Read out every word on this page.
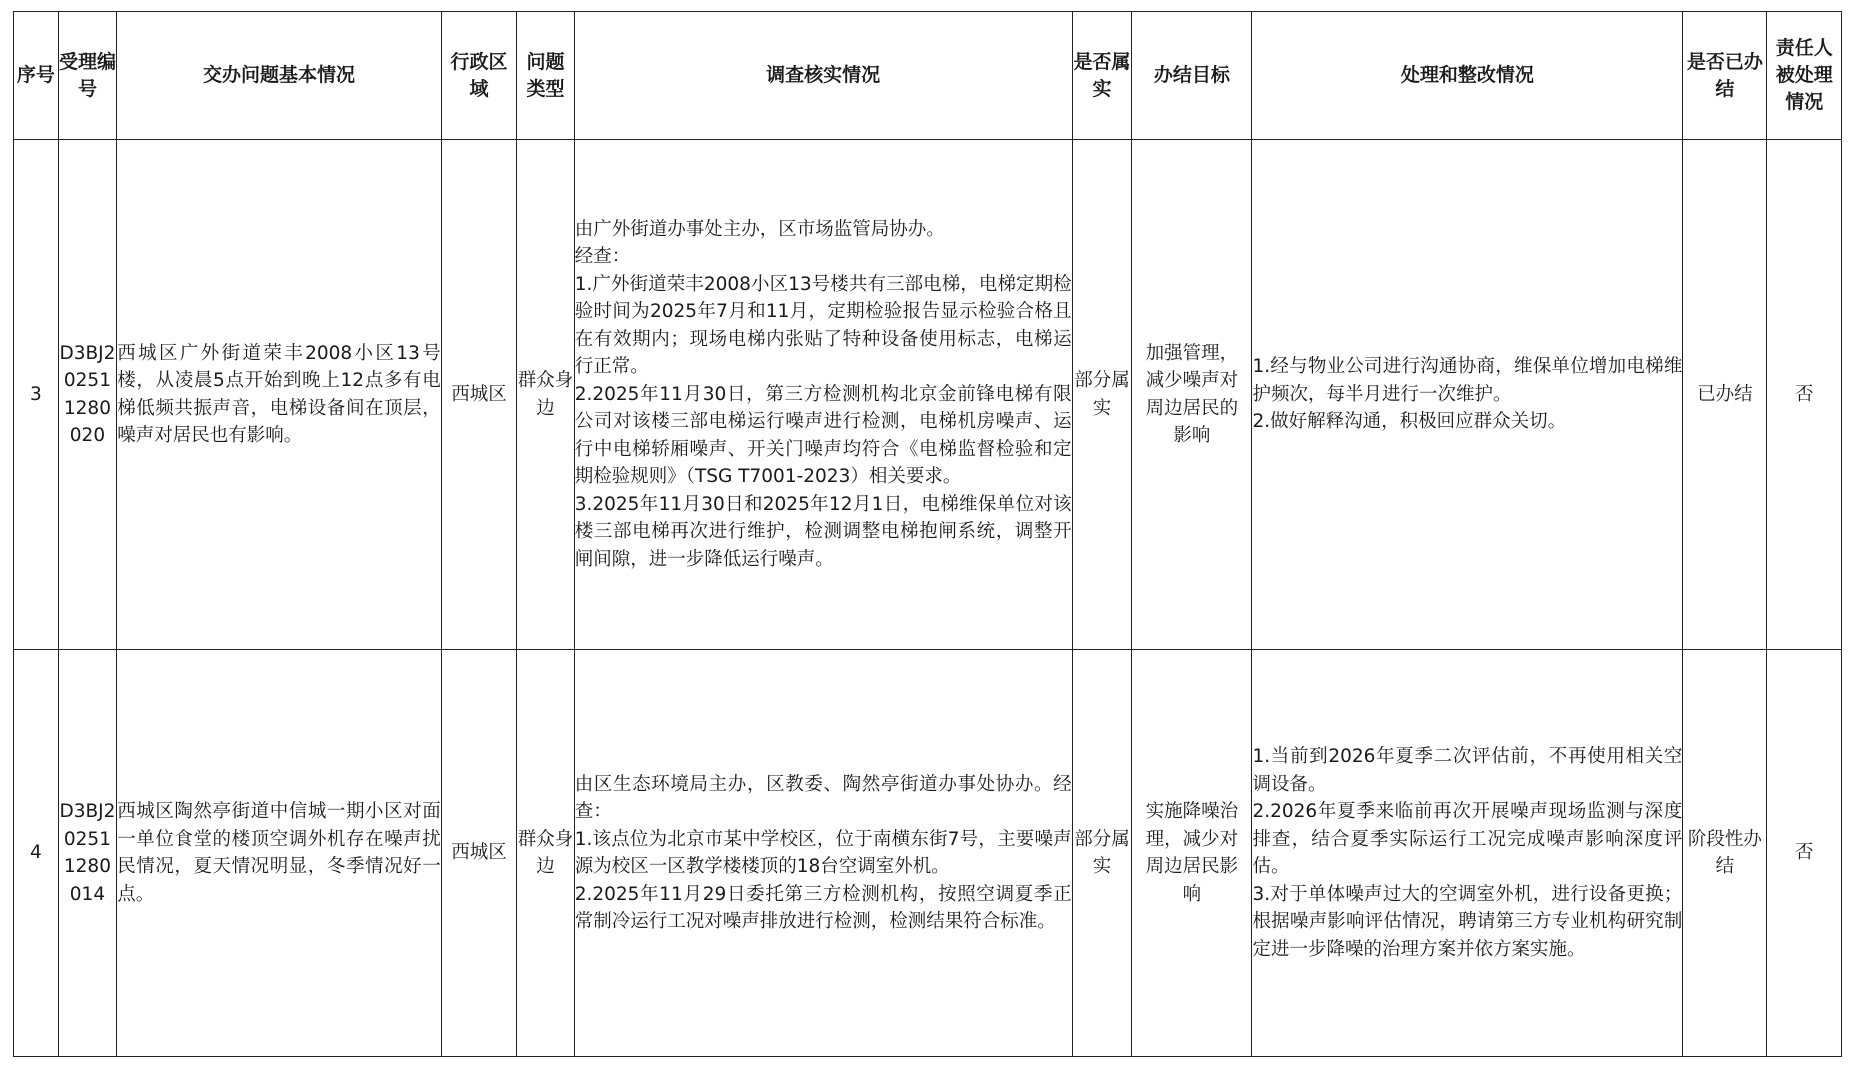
序号	受理编号	交办问题基本情况	行政区域	问题类型	调查核实情况	是否属实	办结目标	处理和整改情况	是否已办结	责任人被处理情况
3	D3BJ202511280020	西城区广外街道荣丰2008小区13号楼，从凌晨5点开始到晚上12点多有电梯低频共振声音，电梯设备间在顶层，噪声对居民也有影响。	西城区	群众身边	由广外街道办事处主办，区市场监管局协办。
经查：
1.广外街道荣丰2008小区13号楼共有三部电梯，电梯定期检验时间为2025年7月和11月，定期检验报告显示检验合格且在有效期内；现场电梯内张贴了特种设备使用标志，电梯运行正常。
2.2025年11月30日，第三方检测机构北京金前锋电梯有限公司对该楼三部电梯运行噪声进行检测，电梯机房噪声、运行中电梯轿厢噪声、开关门噪声均符合《电梯监督检验和定期检验规则》（TSG T7001-2023）相关要求。
3.2025年11月30日和2025年12月1日，电梯维保单位对该楼三部电梯再次进行维护，检测调整电梯抱闸系统，调整开闸间隙，进一步降低运行噪声。	部分属实	加强管理，减少噪声对周边居民的影响	1.经与物业公司进行沟通协商，维保单位增加电梯维护频次，每半月进行一次维护。
2.做好解释沟通，积极回应群众关切。	已办结	否
4	D3BJ202511280014	西城区陶然亭街道中信城一期小区对面一单位食堂的楼顶空调外机存在噪声扰民情况，夏天情况明显，冬季情况好一点。	西城区	群众身边	由区生态环境局主办，区教委、陶然亭街道办事处协办。经查：
1.该点位为北京市某中学校区，位于南横东街7号，主要噪声源为校区一区教学楼楼顶的18台空调室外机。
2.2025年11月29日委托第三方检测机构，按照空调夏季正常制冷运行工况对噪声排放进行检测，检测结果符合标准。	部分属实	实施降噪治理，减少对周边居民影响	1.当前到2026年夏季二次评估前，不再使用相关空调设备。
2.2026年夏季来临前再次开展噪声现场监测与深度排查，结合夏季实际运行工况完成噪声影响深度评估。
3.对于单体噪声过大的空调室外机，进行设备更换；根据噪声影响评估情况，聘请第三方专业机构研究制定进一步降噪的治理方案并依方案实施。	阶段性办结	否
